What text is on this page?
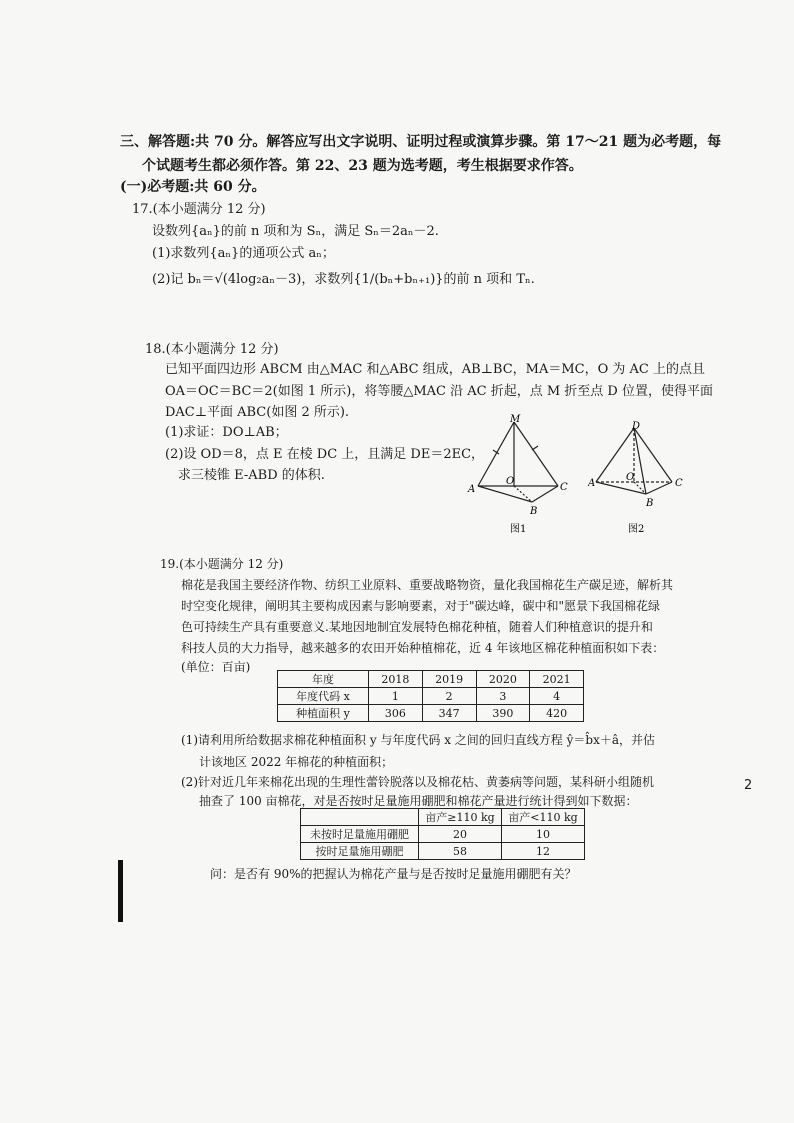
三、解答题:共 70 分。解答应写出文字说明、证明过程或演算步骤。第 17～21 题为必考题，每
个试题考生都必须作答。第 22、23 题为选考题，考生根据要求作答。
(一)必考题:共 60 分。
17.(本小题满分 12 分)
设数列{aₙ}的前 n 项和为 Sₙ，满足 Sₙ＝2aₙ－2.
(1)求数列{aₙ}的通项公式 aₙ；
(2)记 bₙ＝√(4log₂aₙ－3)，求数列{1/(bₙ+bₙ₊₁)}的前 n 项和 Tₙ.
18.(本小题满分 12 分)
已知平面四边形 ABCM 由△MAC 和△ABC 组成，AB⊥BC，MA＝MC，O 为 AC 上的点且
OA＝OC＝BC＝2(如图 1 所示)，将等腰△MAC 沿 AC 折起，点 M 折至点 D 位置，使得平面
DAC⊥平面 ABC(如图 2 所示).
(1)求证：DO⊥AB；
(2)设 OD＝8，点 E 在棱 DC 上，且满足 DE＝2EC，
求三棱锥 E-ABD 的体积.
M
A
O
C
B
图1
D
A
O
C
B
图2
19.(本小题满分 12 分)
棉花是我国主要经济作物、纺织工业原料、重要战略物资，量化我国棉花生产碳足迹，解析其
时空变化规律，阐明其主要构成因素与影响要素，对于"碳达峰，碳中和"愿景下我国棉花绿
色可持续生产具有重要意义.某地因地制宜发展特色棉花种植，随着人们种植意识的提升和
科技人员的大力指导，越来越多的农田开始种植棉花，近 4 年该地区棉花种植面积如下表：
(单位：百亩)
年度	2018	2019	2020	2021
年度代码 x	1	2	3	4
种植面积 y	306	347	390	420
(1)请利用所给数据求棉花种植面积 y 与年度代码 x 之间的回归直线方程 ŷ＝b̂x＋â，并估
计该地区 2022 年棉花的种植面积；
(2)针对近几年来棉花出现的生理性蕾铃脱落以及棉花枯、黄萎病等问题，某科研小组随机
抽查了 100 亩棉花，对是否按时足量施用硼肥和棉花产量进行统计得到如下数据：
	亩产≥110 kg	亩产<110 kg
未按时足量施用硼肥	20	10
按时足量施用硼肥	58	12
问：是否有 90%的把握认为棉花产量与是否按时足量施用硼肥有关？
2
